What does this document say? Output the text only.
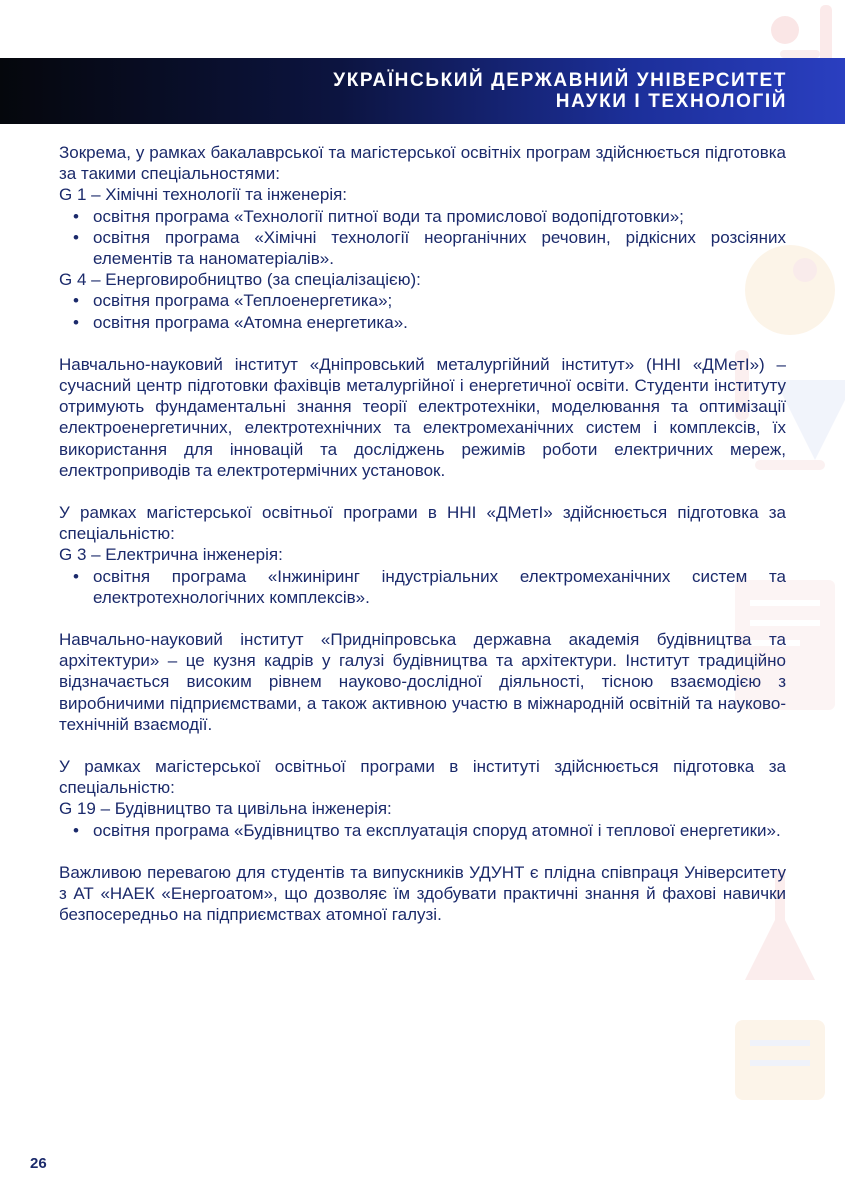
УКРАЇНСЬКИЙ ДЕРЖАВНИЙ УНІВЕРСИТЕТ
НАУКИ І ТЕХНОЛОГІЙ

Зокрема, у рамках бакалаврської та магістерської освітніх програм здійснюється підготовка за такими спеціальностями:

G 1 – Хімічні технології та інженерія:

• освітня програма «Технології питної води та промислової водопідготовки»;
• освітня програма «Хімічні технології неорганічних речовин, рідкісних розсіяних елементів та наноматеріалів».

G 4 – Енерговиробництво (за спеціалізацією):

• освітня програма «Теплоенергетика»;
• освітня програма «Атомна енергетика».

Навчально-науковий інститут «Дніпровський металургійний інститут» (ННІ «ДМетІ») – сучасний центр підготовки фахівців металургійної і енергетичної освіти. Студенти інституту отримують фундаментальні знання теорії електротехніки, моделювання та оптимізації електроенергетичних, електротехнічних та електромеханічних систем і комплексів, їх використання для інновацій та досліджень режимів роботи електричних мереж, електроприводів та електротермічних установок.

У рамках магістерської освітньої програми в ННІ «ДМетІ» здійснюється підготовка за спеціальністю:

G 3 – Електрична інженерія:

• освітня програма «Інжиніринг індустріальних електромеханічних систем та електротехнологічних комплексів».

Навчально-науковий інститут «Придніпровська державна академія будівництва та архітектури» – це кузня кадрів у галузі будівництва та архітектури. Інститут традиційно відзначається високим рівнем науково-дослідної діяльності, тісною взаємодією з виробничими підприємствами, а також активною участю в міжнародній освітній та науково-технічній взаємодії.

У рамках магістерської освітньої програми в інституті здійснюється підготовка за спеціальністю:

G 19 – Будівництво та цивільна інженерія:

• освітня програма «Будівництво та експлуатація споруд атомної і теплової енергетики».

Важливою перевагою для студентів та випускників УДУНТ є плідна співпраця Університету з АТ «НАЕК «Енергоатом», що дозволяє їм здобувати практичні знання й фахові навички безпосередньо на підприємствах атомної галузі.

26
